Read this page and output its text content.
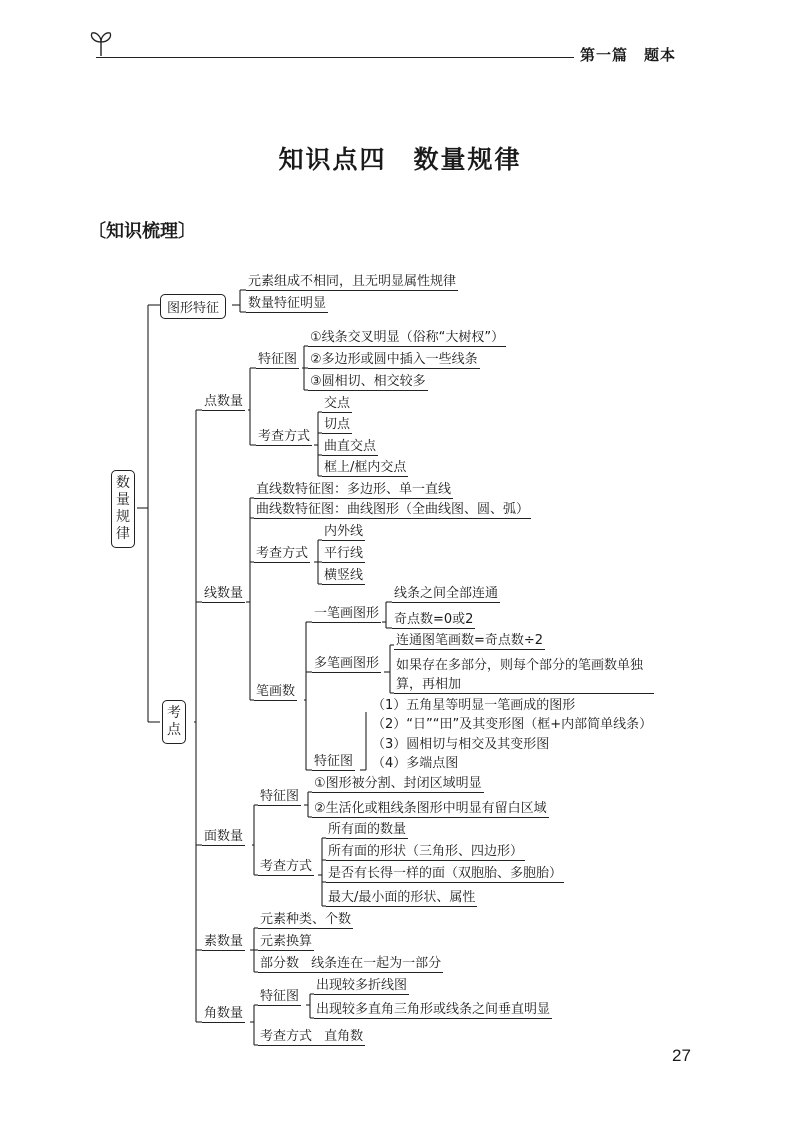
第一篇　题本
知识点四　数量规律
〔知识梳理〕
数量规律
图形特征
元素组成不相同，且无明显属性规律
数量特征明显
考点
点数量
特征图
①线条交叉明显（俗称“大树杈”）
②多边形或圆中插入一些线条
③圆相切、相交较多
考查方式
交点
切点
曲直交点
框上/框内交点
线数量
直线数特征图：多边形、单一直线
曲线数特征图：曲线图形（全曲线图、圆、弧）
考查方式
内外线
平行线
横竖线
笔画数
一笔画图形
线条之间全部连通
奇点数=0或2
多笔画图形
连通图笔画数=奇点数÷2
如果存在多部分，则每个部分的笔画数单独
算，再相加
特征图
（1）五角星等明显一笔画成的图形
（2）“日”“田”及其变形图（框+内部简单线条）
（3）圆相切与相交及其变形图
（4）多端点图
面数量
特征图
①图形被分割、封闭区域明显
②生活化或粗线条图形中明显有留白区域
考查方式
所有面的数量
所有面的形状（三角形、四边形）
是否有长得一样的面（双胞胎、多胞胎）
最大/最小面的形状、属性
素数量
元素种类、个数
元素换算
部分数 线条连在一起为一部分
角数量
特征图
出现较多折线图
出现较多直角三角形或线条之间垂直明显
考查方式 直角数
27
